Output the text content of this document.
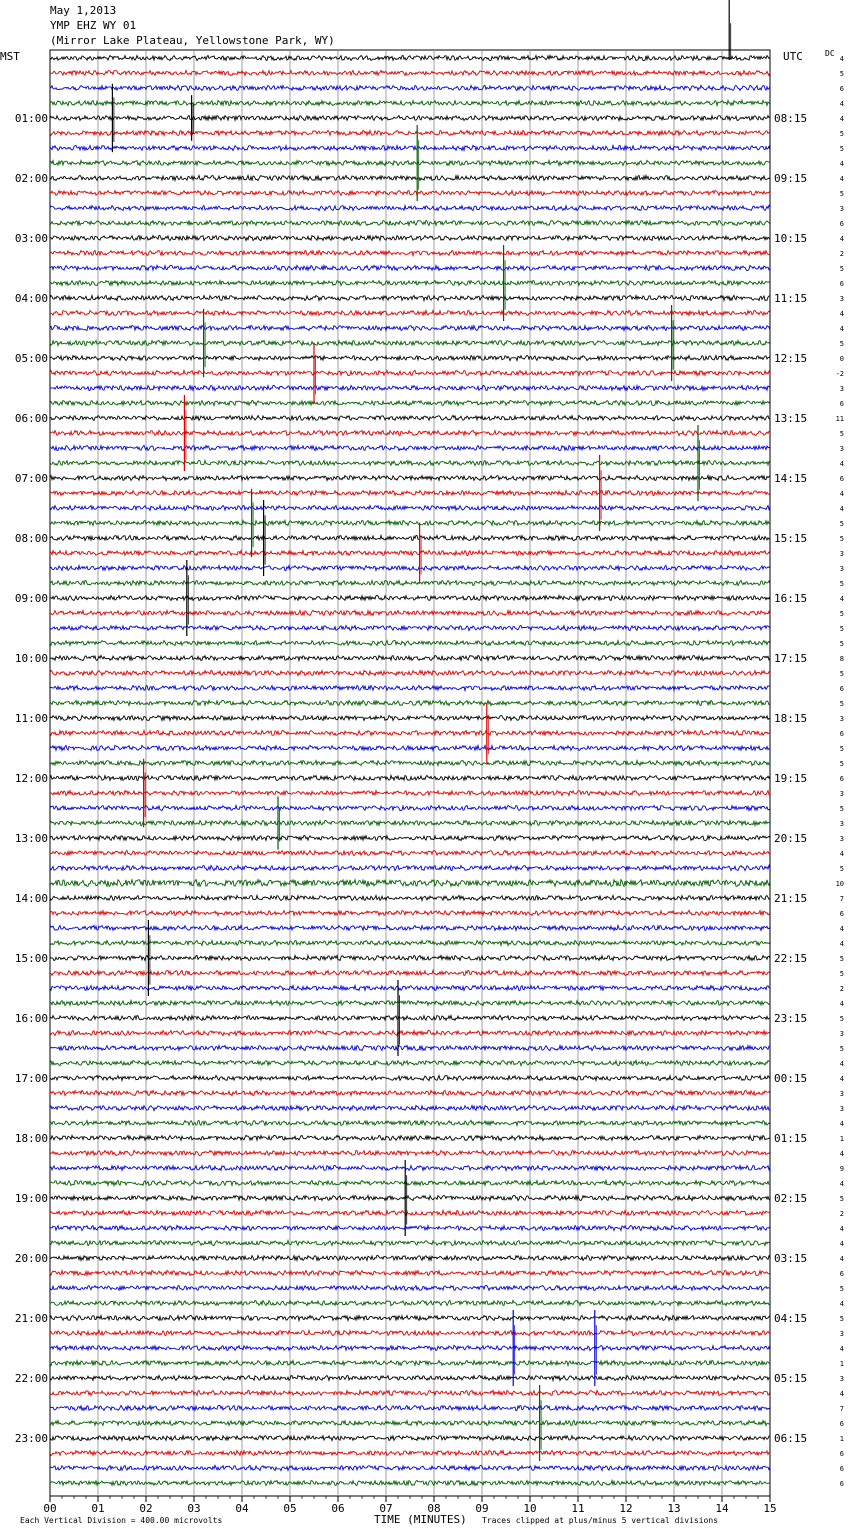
May 1,2013
YMP EHZ WY 01
(Mirror Lake Plateau, Yellowstone Park, WY)
MST	UTC	DC
Each Vertical Division = 400.00 microvolts	TIME (MINUTES) Traces clipped at plus/minus 5 vertical divisions
00	01	02	03	04	05	06	07	08	09	10	11	12	13	14	15
4
5
6
4
4
5
5
4
4
5
3
6
4
2
5
6
3
4
4
5
0
-2
3
6
11
5
3
4
6
4
4
5
5
3
3
5
4
5
5
5
8
5
6
5
3
6
5
5
6
3
5
3
3
4
5
10
7
6
4
4
5
5
2
4
5
3
5
4
4
3
3
4
1
4
9
4
5
2
4
4
4
6
5
4
5
3
4
1
3
4
7
6
1
6
6
6
01:00
02:00
03:00
04:00
05:00
06:00
07:00
08:00
09:00
10:00
11:00
12:00
13:00
14:00
15:00
16:00
17:00
18:00
19:00
20:00
21:00
22:00
23:00
08:15
09:15
10:15
11:15
12:15
13:15
14:15
15:15
16:15
17:15
18:15
19:15
20:15
21:15
22:15
23:15
00:15
01:15
02:15
03:15
04:15
05:15
06:15
